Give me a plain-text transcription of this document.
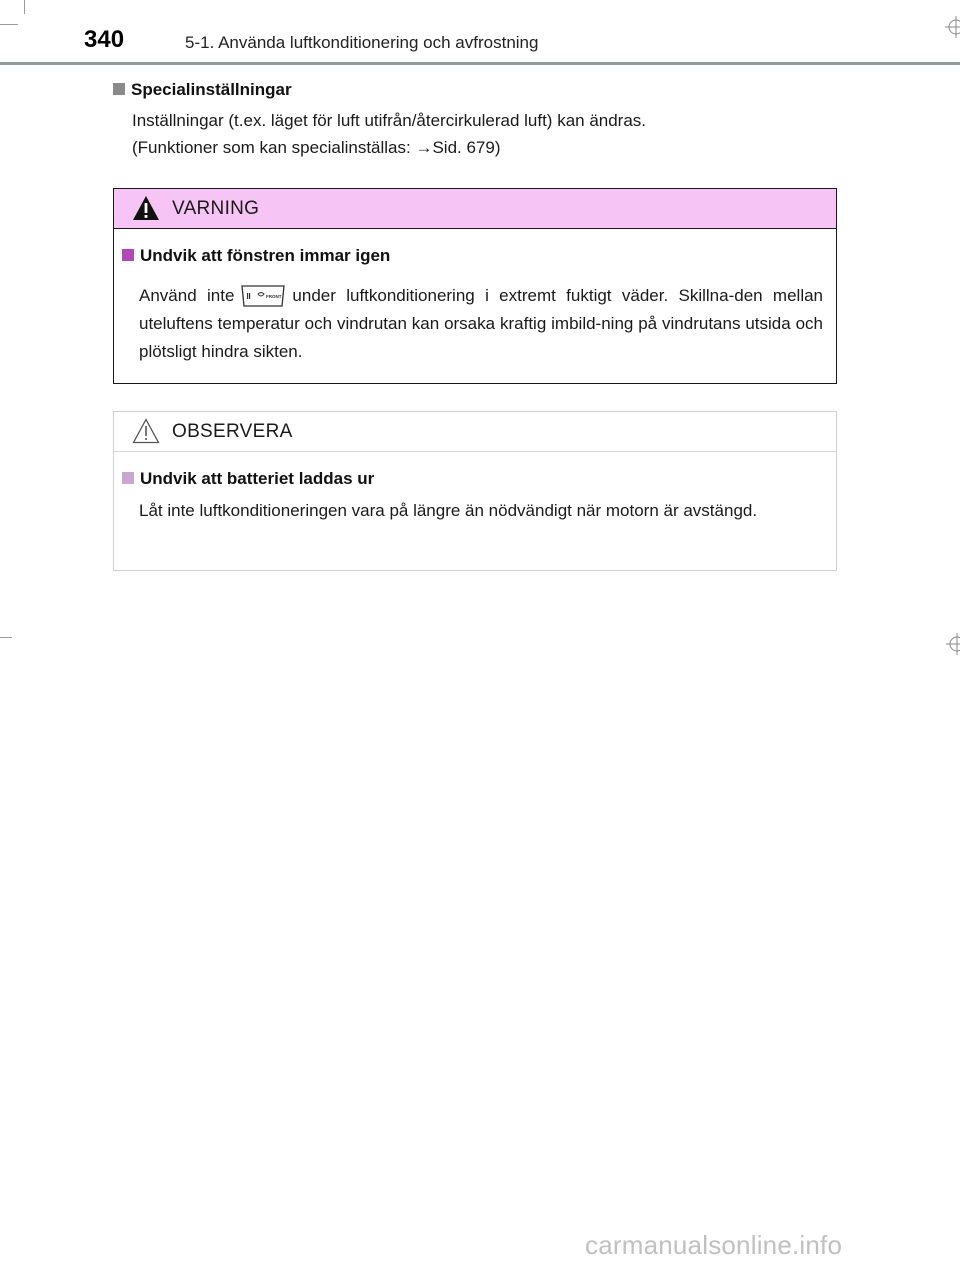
340	5-1. Använda luftkonditionering och avfrostning
Specialinställningar

Inställningar (t.ex. läget för luft utifrån/återcirkulerad luft) kan ändras.

(Funktioner som kan specialinställas: →Sid. 679)

VARNING
Undvik att fönstren immar igen

Använd inte	FRONT under luftkonditionering i extremt fuktigt väder. Skillna-den mellan uteluftens temperatur och vindrutan kan orsaka kraftig imbild-ning på vindrutans utsida och plötsligt hindra sikten.

OBSERVERA
Undvik att batteriet laddas ur

Låt inte luftkonditioneringen vara på längre än nödvändigt när motorn är avstängd.

carmanualsonline.info
